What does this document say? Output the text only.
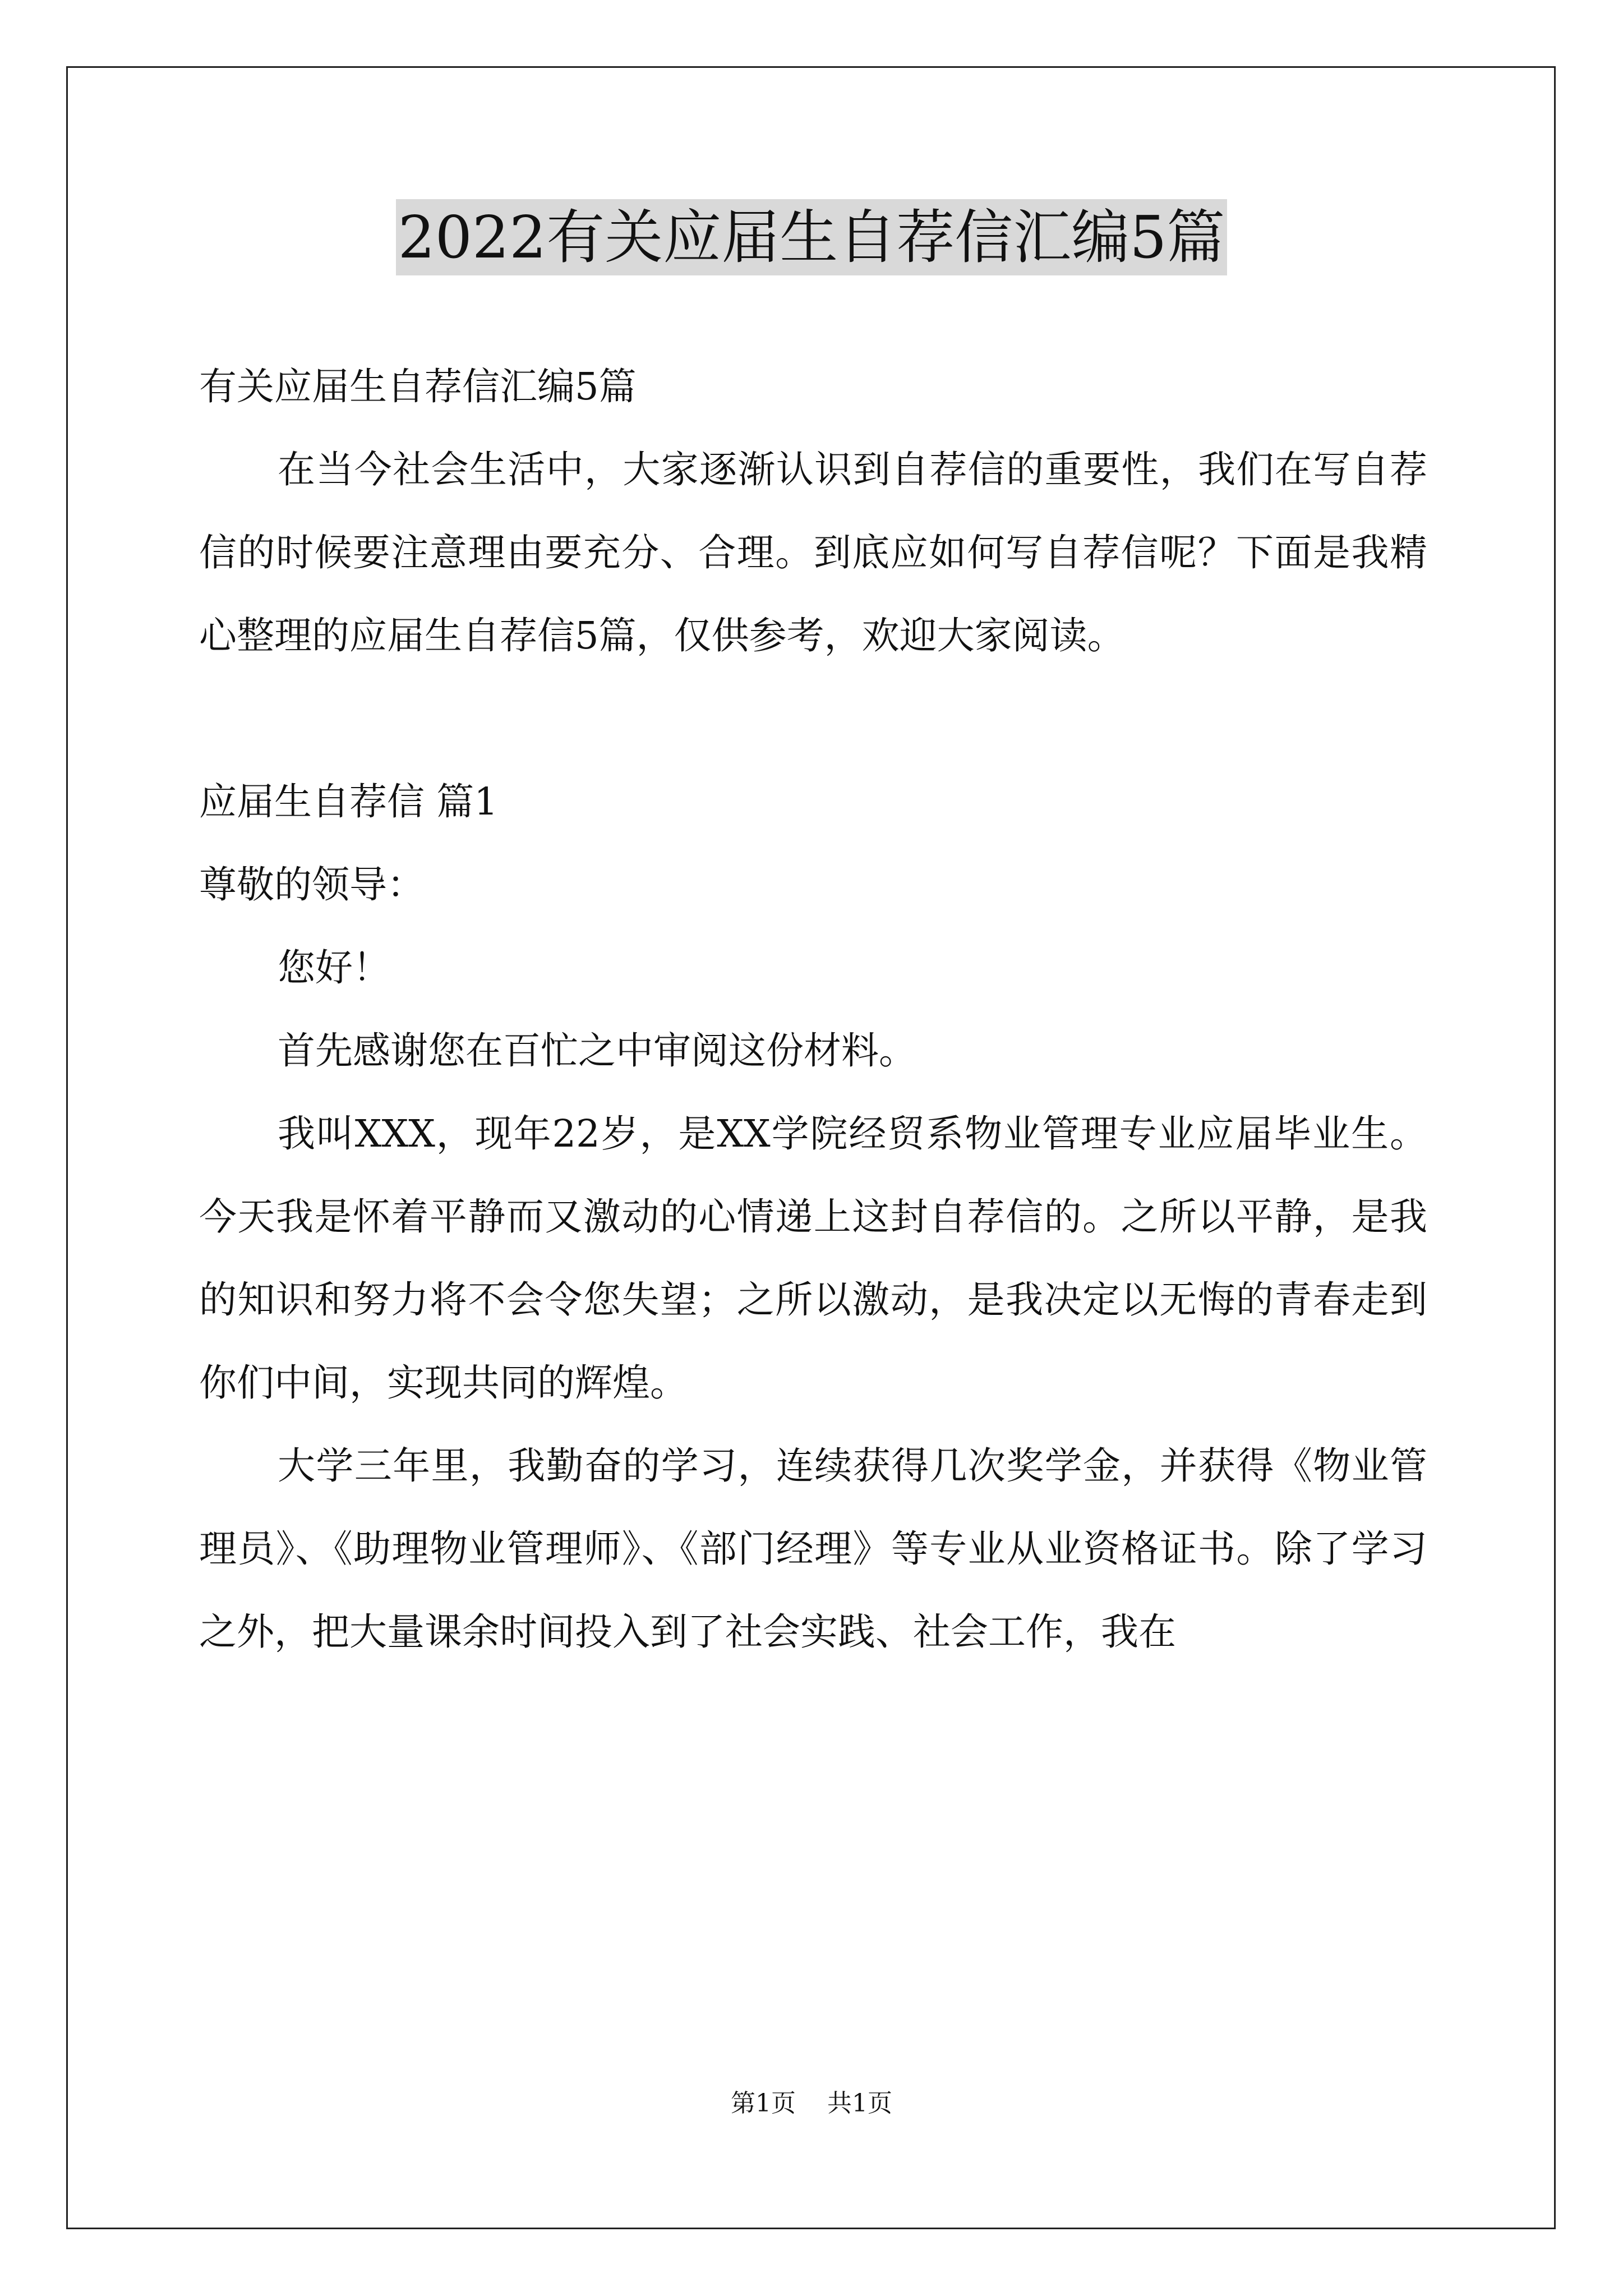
2022有关应届生自荐信汇编5篇

有关应届生自荐信汇编5篇

在当今社会生活中，大家逐渐认识到自荐信的重要性，我们在写自荐信的时候要注意理由要充分、合理。到底应如何写自荐信呢？下面是我精心整理的应届生自荐信5篇，仅供参考，欢迎大家阅读。

应届生自荐信 篇1

尊敬的领导：

您好！

首先感谢您在百忙之中审阅这份材料。

我叫XXX，现年22岁，是XX学院经贸系物业管理专业应届毕业生。今天我是怀着平静而又激动的心情递上这封自荐信的。之所以平静，是我的知识和努力将不会令您失望；之所以激动，是我决定以无悔的青春走到你们中间，实现共同的辉煌。

大学三年里，我勤奋的学习，连续获得几次奖学金，并获得《物业管理员》、《助理物业管理师》、《部门经理》等专业从业资格证书。除了学习之外，把大量课余时间投入到了社会实践、社会工作，我在

第1页 共1页
